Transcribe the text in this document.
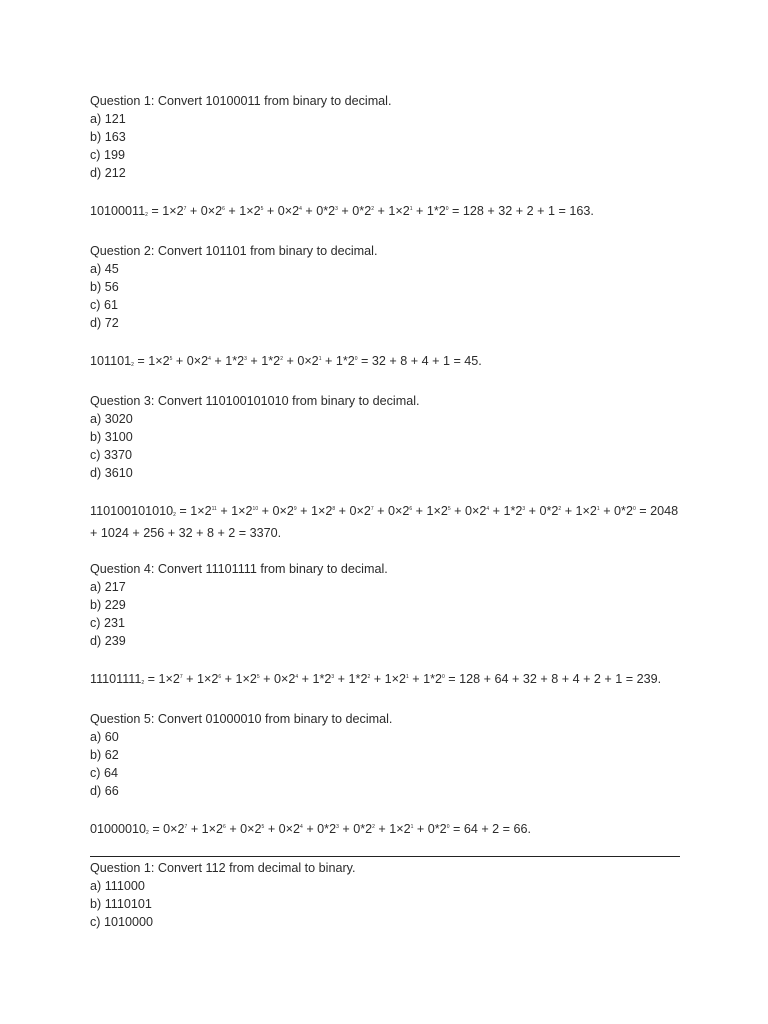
Question 1: Convert 10100011 from binary to decimal.
a) 121
b) 163
c) 199
d) 212
$10100011_2 = 1\times 2^7 + 0\times 2^6 + 1\times 2^5 + 0\times 2^4 + 0*2^3 + 0*2^2 + 1\times 2^1 + 1*2^0 = 128 + 32 + 2 + 1 = 163$.
Question 2: Convert 101101 from binary to decimal.
a) 45
b) 56
c) 61
d) 72
$101101_2 = 1\times 2^5 + 0\times 2^4 + 1*2^3 + 1*2^2 + 0\times 2^1 + 1*2^0 = 32 + 8 + 4 + 1 = 45$.
Question 3: Convert 110100101010 from binary to decimal.
a) 3020
b) 3100
c) 3370
d) 3610
$110100101010_2 = 1\times 2^{11} + 1\times 2^{10} + 0\times 2^9 + 1\times 2^8 + 0\times 2^7 + 0\times 2^6 + 1\times 2^5 + 0\times 2^4 + 1*2^3 + 0*2^2 + 1\times 2^1 + 0*2^0 = 2048 + 1024 + 256 + 32 + 8 + 2 = 3370$.
Question 4: Convert 11101111 from binary to decimal.
a) 217
b) 229
c) 231
d) 239
$11101111_2 = 1\times 2^7 + 1\times 2^6 + 1\times 2^5 + 0\times 2^4 + 1*2^3 + 1*2^2 + 1\times 2^1 + 1*2^0 = 128 + 64 + 32 + 8 + 4 + 2 + 1 = 239$.
Question 5: Convert 01000010 from binary to decimal.
a) 60
b) 62
c) 64
d) 66
$01000010_2 = 0\times 2^7 + 1\times 2^6 + 0\times 2^5 + 0\times 2^4 + 0*2^3 + 0*2^2 + 1\times 2^1 + 0*2^0 = 64 + 2 = 66$.
Question 1: Convert 112 from decimal to binary.
a) 111000
b) 1110101
c) 1010000
